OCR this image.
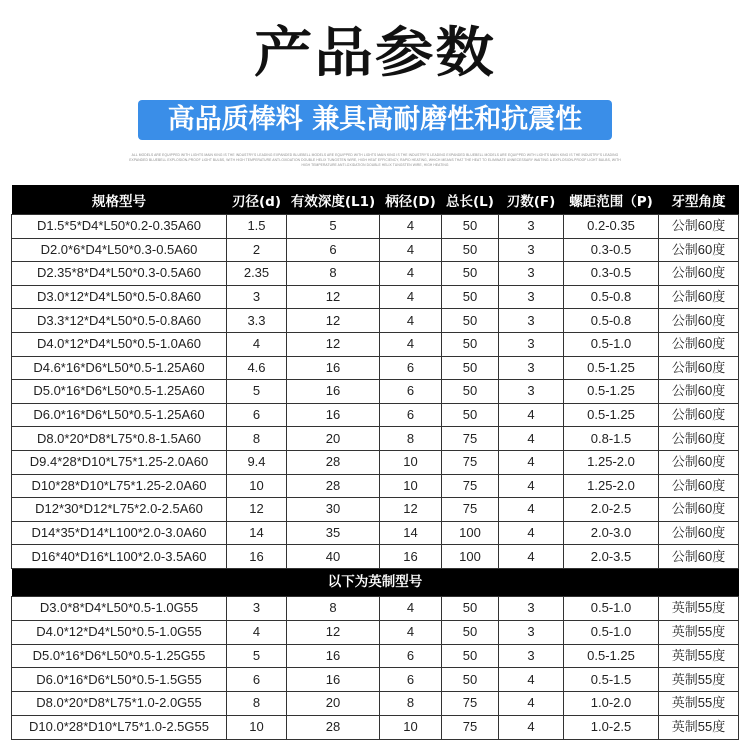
产品参数
高品质棒料 兼具高耐磨性和抗震性
ALL MODELS ARE EQUIPPED WITH LIGHTS MAIN KING IS THE INDUSTRY'S LEADING EXPANDED BLUEBELL MODELS ARE EQUIPPED WITH LIGHTS MAIN KING IS THE INDUSTRY'S LEADING EXPANDED BLUEBELL MODELS ARE EQUIPPED WITH LIGHTS MAIN KING IS THE INDUSTRY'S LEADING EXPANDED BLUEBELL EXPLOSION-PROOF LIGHT BULBS, WITH HIGH TEMPERATURE ANTI-OXIDATION DOUBLE HELIX TUNGSTEN WIRE, HIGH HEAT EFFICIENCY, RAPID HEATING, WHICH MEANS THAT THE HEAT TO ELIMINATE UNNECESSARY WAITING & EXPLOSION-PROOF LIGHT BULBS, WITH HIGH TEMPERATURE ANTI-OXIDATION DOUBLE HELIX TUNGSTEN WIRE, HIGH HEATING
规格型号	刃径(d)	有效深度(L1)	柄径(D)	总长(L)	刃数(F)	螺距范围（P)	牙型角度
D1.5*5*D4*L50*0.2-0.35A60	1.5	5	4	50	3	0.2-0.35	公制60度
D2.0*6*D4*L50*0.3-0.5A60	2	6	4	50	3	0.3-0.5	公制60度
D2.35*8*D4*L50*0.3-0.5A60	2.35	8	4	50	3	0.3-0.5	公制60度
D3.0*12*D4*L50*0.5-0.8A60	3	12	4	50	3	0.5-0.8	公制60度
D3.3*12*D4*L50*0.5-0.8A60	3.3	12	4	50	3	0.5-0.8	公制60度
D4.0*12*D4*L50*0.5-1.0A60	4	12	4	50	3	0.5-1.0	公制60度
D4.6*16*D6*L50*0.5-1.25A60	4.6	16	6	50	3	0.5-1.25	公制60度
D5.0*16*D6*L50*0.5-1.25A60	5	16	6	50	3	0.5-1.25	公制60度
D6.0*16*D6*L50*0.5-1.25A60	6	16	6	50	4	0.5-1.25	公制60度
D8.0*20*D8*L75*0.8-1.5A60	8	20	8	75	4	0.8-1.5	公制60度
D9.4*28*D10*L75*1.25-2.0A60	9.4	28	10	75	4	1.25-2.0	公制60度
D10*28*D10*L75*1.25-2.0A60	10	28	10	75	4	1.25-2.0	公制60度
D12*30*D12*L75*2.0-2.5A60	12	30	12	75	4	2.0-2.5	公制60度
D14*35*D14*L100*2.0-3.0A60	14	35	14	100	4	2.0-3.0	公制60度
D16*40*D16*L100*2.0-3.5A60	16	40	16	100	4	2.0-3.5	公制60度
以下为英制型号							
D3.0*8*D4*L50*0.5-1.0G55	3	8	4	50	3	0.5-1.0	英制55度
D4.0*12*D4*L50*0.5-1.0G55	4	12	4	50	3	0.5-1.0	英制55度
D5.0*16*D6*L50*0.5-1.25G55	5	16	6	50	3	0.5-1.25	英制55度
D6.0*16*D6*L50*0.5-1.5G55	6	16	6	50	4	0.5-1.5	英制55度
D8.0*20*D8*L75*1.0-2.0G55	8	20	8	75	4	1.0-2.0	英制55度
D10.0*28*D10*L75*1.0-2.5G55	10	28	10	75	4	1.0-2.5	英制55度
